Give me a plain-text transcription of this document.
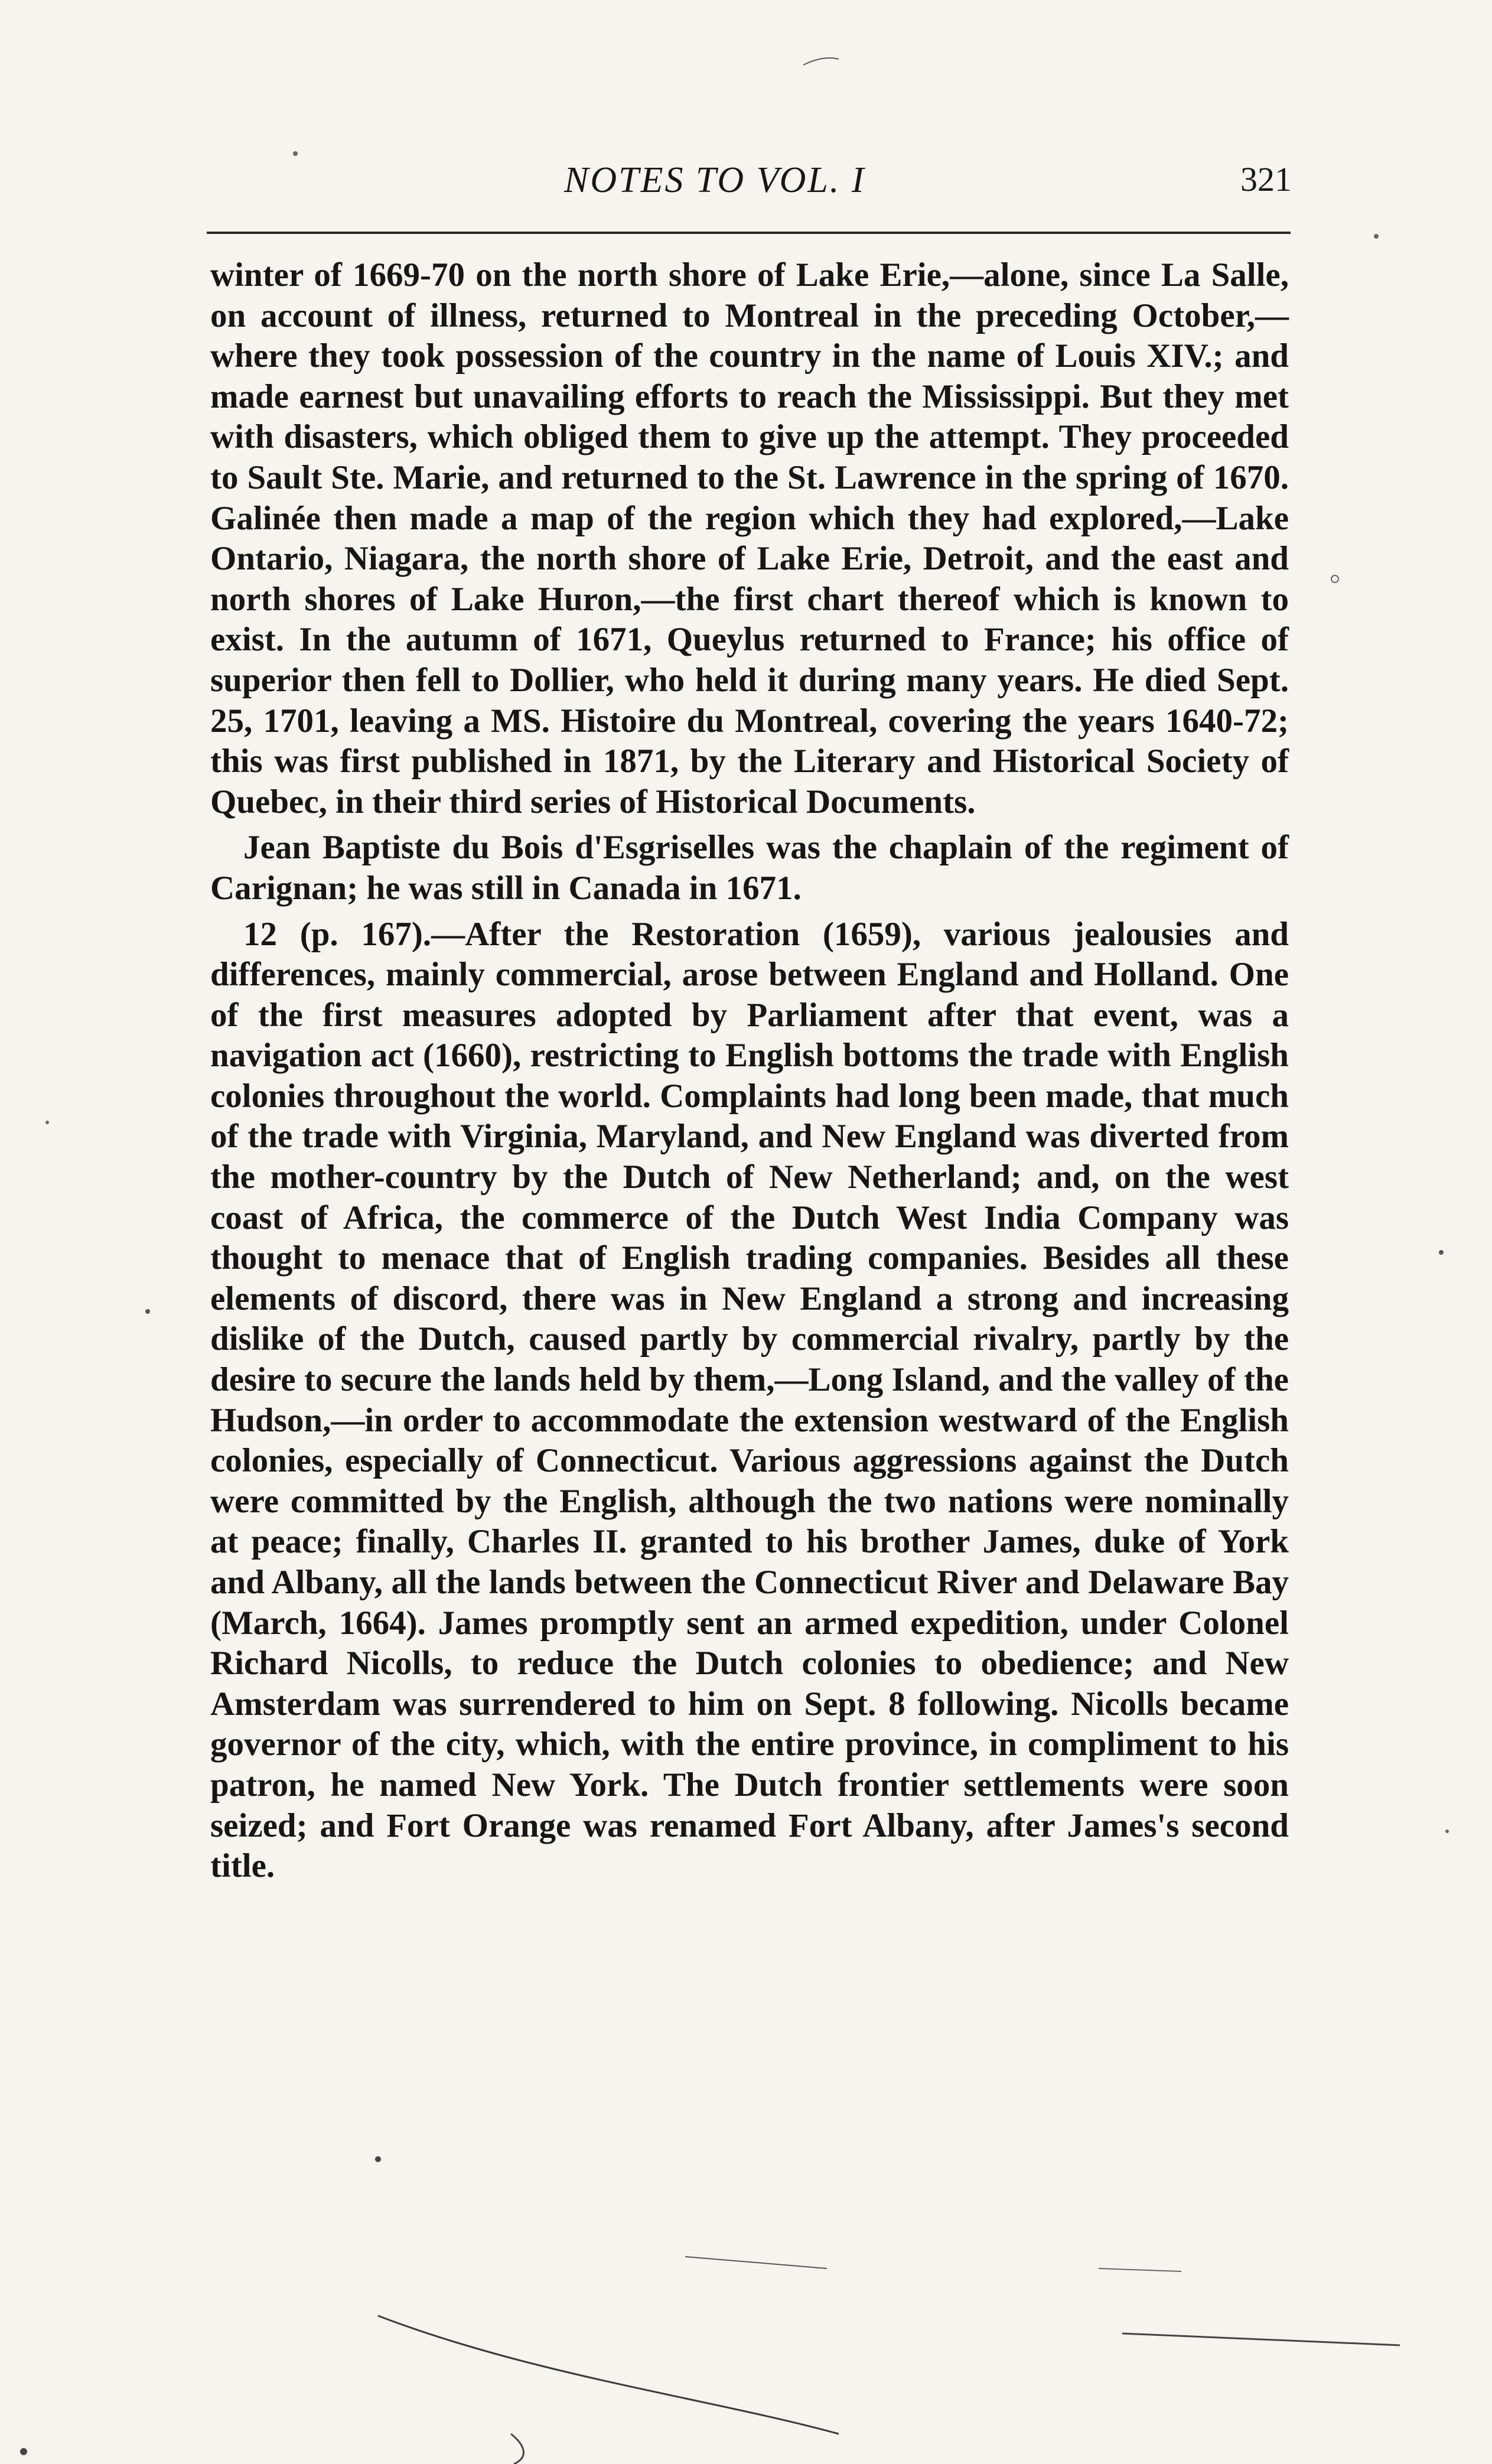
NOTES TO VOL. I	321

winter of 1669-70 on the north shore of Lake Erie,—alone, since La Salle, on account of illness, returned to Montreal in the preceding October,—where they took possession of the country in the name of Louis XIV.; and made earnest but unavailing efforts to reach the Mississippi. But they met with disasters, which obliged them to give up the attempt. They proceeded to Sault Ste. Marie, and returned to the St. Lawrence in the spring of 1670. Galinée then made a map of the region which they had explored,—Lake Ontario, Niagara, the north shore of Lake Erie, Detroit, and the east and north shores of Lake Huron,—the first chart thereof which is known to exist. In the autumn of 1671, Queylus returned to France; his office of superior then fell to Dollier, who held it during many years. He died Sept. 25, 1701, leaving a MS. Histoire du Montreal, covering the years 1640-72; this was first published in 1871, by the Literary and Historical Society of Quebec, in their third series of Historical Documents.

Jean Baptiste du Bois d'Esgriselles was the chaplain of the regiment of Carignan; he was still in Canada in 1671.

12 (p. 167).—After the Restoration (1659), various jealousies and differences, mainly commercial, arose between England and Holland. One of the first measures adopted by Parliament after that event, was a navigation act (1660), restricting to English bottoms the trade with English colonies throughout the world. Complaints had long been made, that much of the trade with Virginia, Maryland, and New England was diverted from the mother-country by the Dutch of New Netherland; and, on the west coast of Africa, the commerce of the Dutch West India Company was thought to menace that of English trading companies. Besides all these elements of discord, there was in New England a strong and increasing dislike of the Dutch, caused partly by commercial rivalry, partly by the desire to secure the lands held by them,—Long Island, and the valley of the Hudson,—in order to accommodate the extension westward of the English colonies, especially of Connecticut. Various aggressions against the Dutch were committed by the English, although the two nations were nominally at peace; finally, Charles II. granted to his brother James, duke of York and Albany, all the lands between the Connecticut River and Delaware Bay (March, 1664). James promptly sent an armed expedition, under Colonel Richard Nicolls, to reduce the Dutch colonies to obedience; and New Amsterdam was surrendered to him on Sept. 8 following. Nicolls became governor of the city, which, with the entire province, in compliment to his patron, he named New York. The Dutch frontier settlements were soon seized; and Fort Orange was renamed Fort Albany, after James's second title.
